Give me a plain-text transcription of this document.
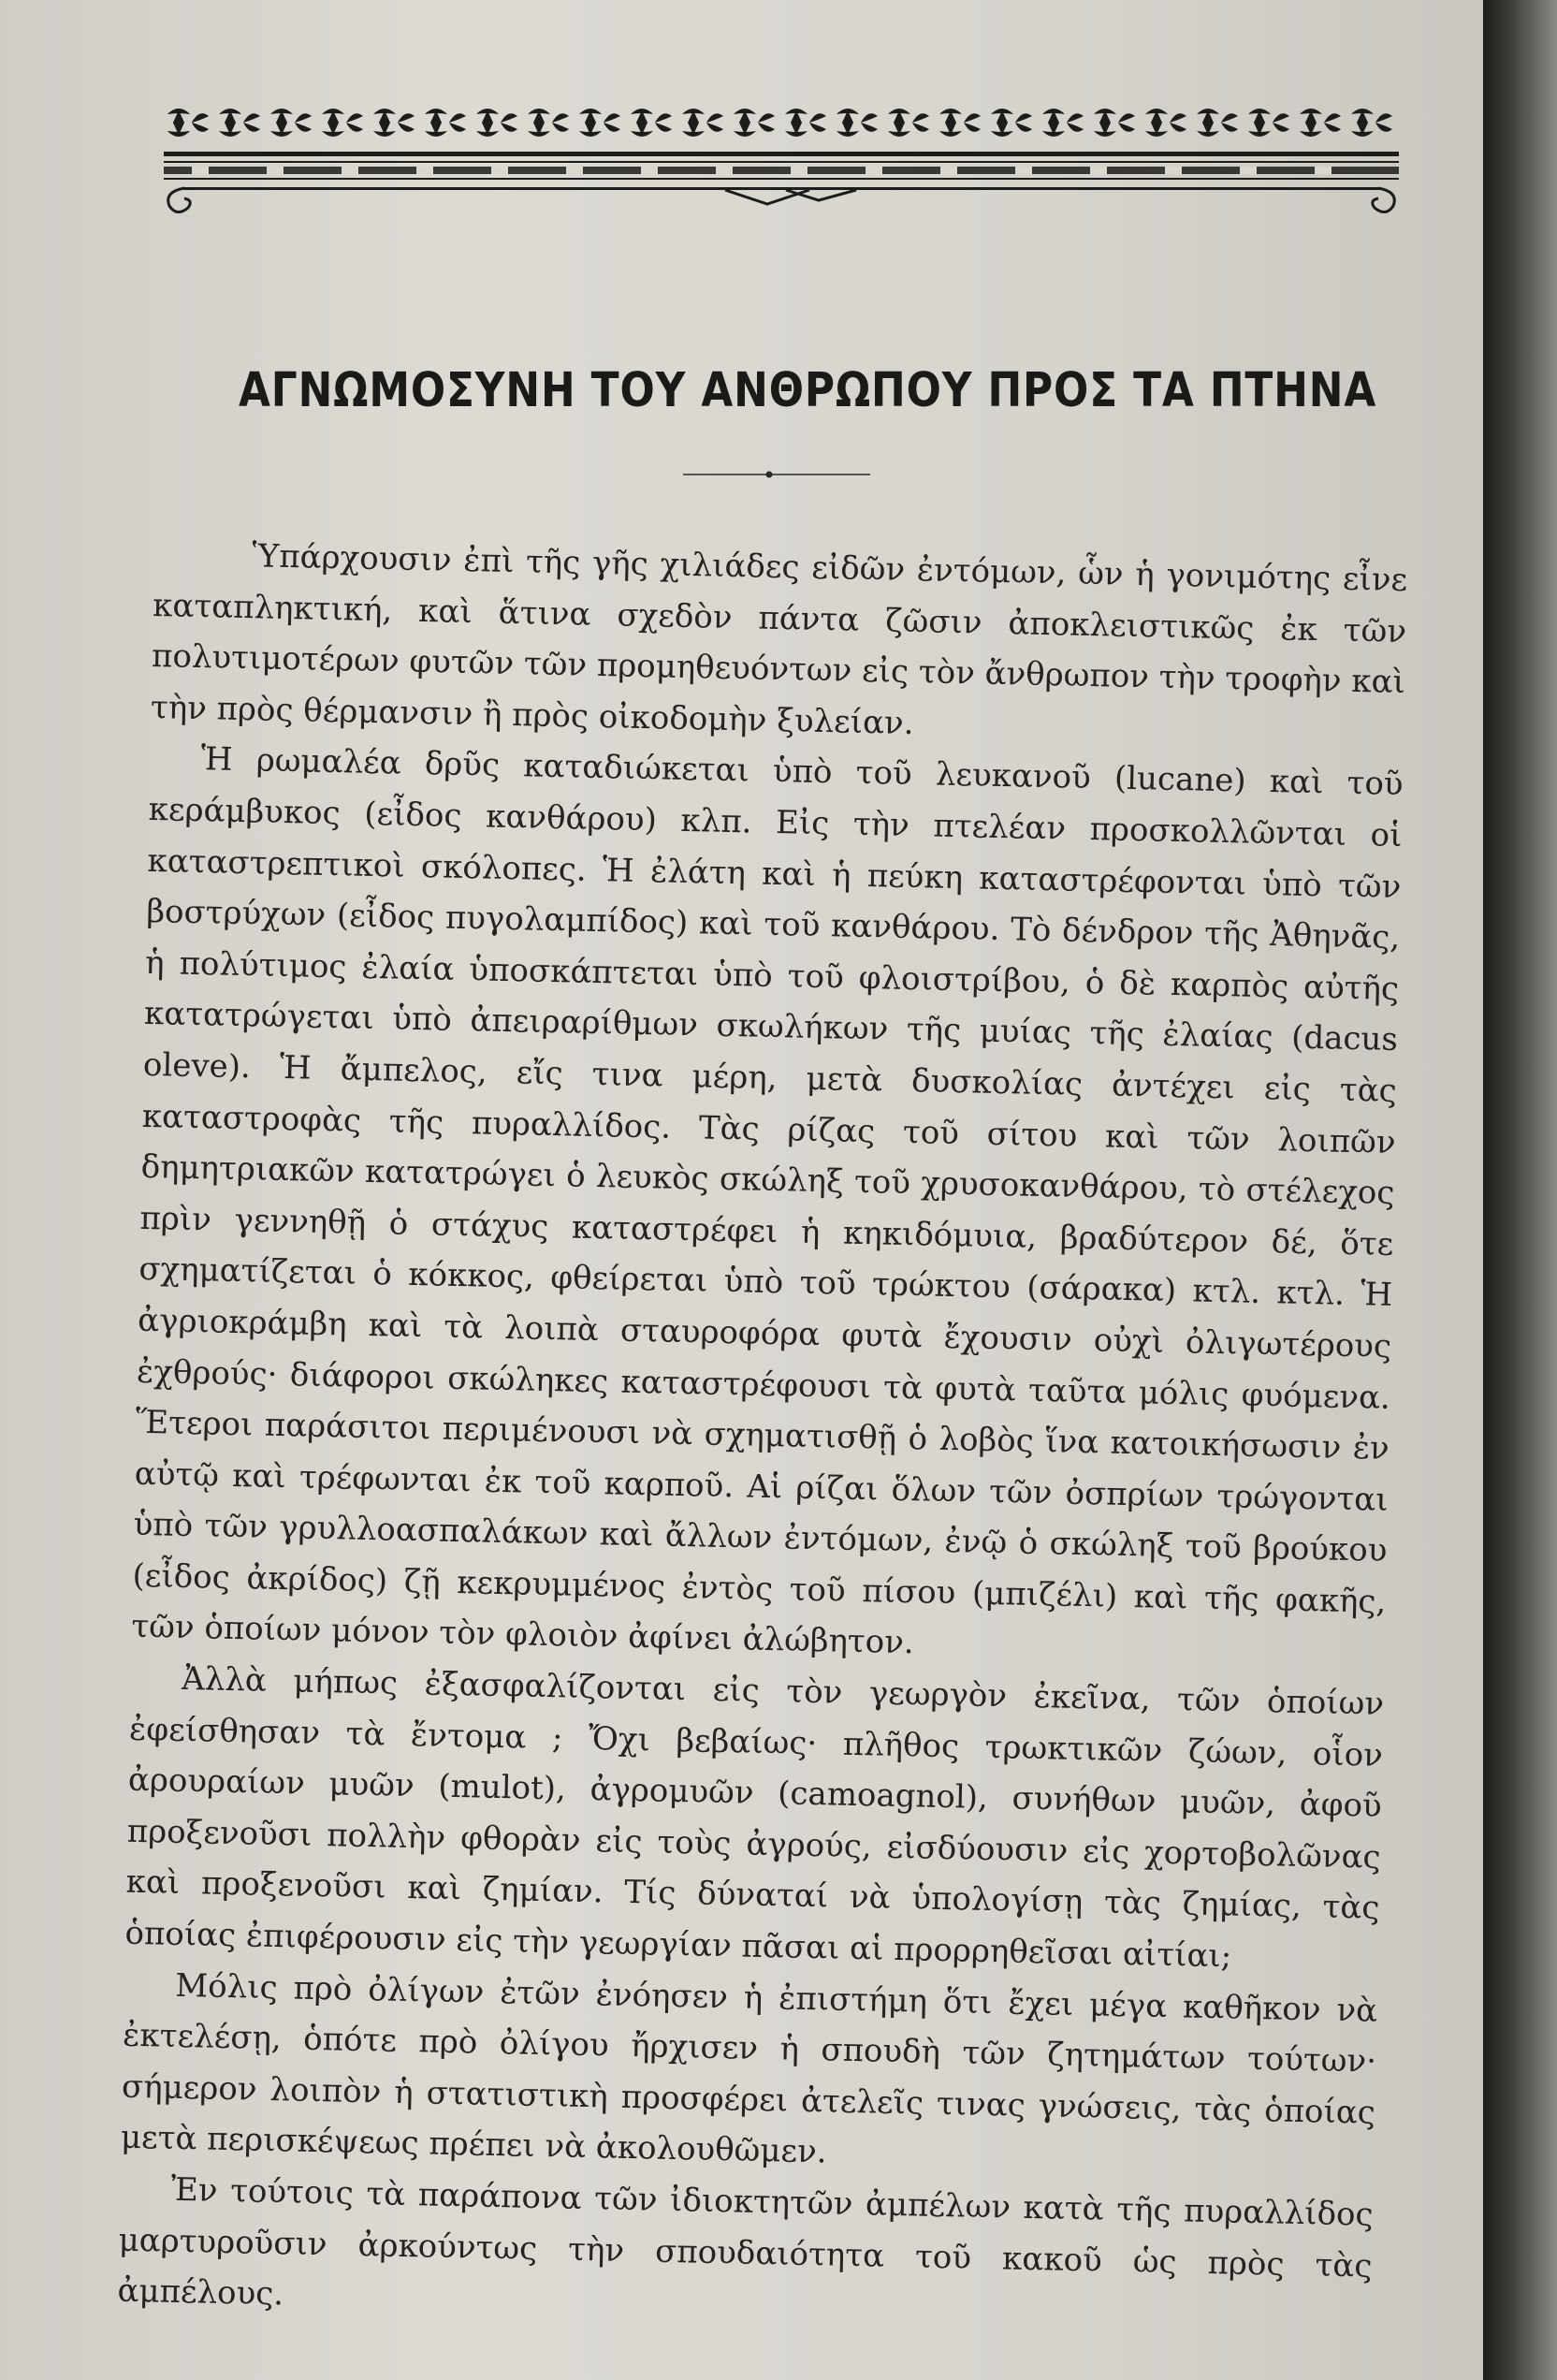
ΑΓΝΩΜΟΣΥΝΗ ΤΟΥ ΑΝΘΡΩΠΟΥ ΠΡΟΣ ΤΑ ΠΤΗΝΑ

Ὑπάρχουσιν ἐπὶ τῆς γῆς χιλιάδες εἰδῶν ἐντόμων, ὧν ἡ γονιμότης εἶνε καταπληκτική, καὶ ἅτινα σχεδὸν πάντα ζῶσιν ἀποκλειστικῶς ἐκ τῶν πολυτιμοτέρων φυτῶν τῶν προμηθευόντων εἰς τὸν ἄνθρωπον τὴν τροφὴν καὶ τὴν πρὸς θέρμανσιν ἢ πρὸς οἰκοδομὴν ξυλείαν.

Ἡ ρωμαλέα δρῦς καταδιώκεται ὑπὸ τοῦ λευκανοῦ (lucane) καὶ τοῦ κεράμβυκος (εἶδος κανθάρου) κλπ. Εἰς τὴν πτελέαν προσκολλῶνται οἱ καταστρεπτικοὶ σκόλοπες. Ἡ ἐλάτη καὶ ἡ πεύκη καταστρέφονται ὑπὸ τῶν βοστρύχων (εἶδος πυγολαμπίδος) καὶ τοῦ κανθάρου. Τὸ δένδρον τῆς Ἀθηνᾶς, ἡ πολύτιμος ἐλαία ὑποσκάπτεται ὑπὸ τοῦ φλοιστρίβου, ὁ δὲ καρπὸς αὐτῆς κατατρώγεται ὑπὸ ἀπειραρίθμων σκωλήκων τῆς μυίας τῆς ἐλαίας (dacus oleve). Ἡ ἄμπελος, εἴς τινα μέρη, μετὰ δυσκολίας ἀντέχει εἰς τὰς καταστροφὰς τῆς πυραλλίδος. Τὰς ρίζας τοῦ σίτου καὶ τῶν λοιπῶν δημητριακῶν κατατρώγει ὁ λευκὸς σκώληξ τοῦ χρυσοκανθάρου, τὸ στέλεχος πρὶν γεννηθῇ ὁ στάχυς καταστρέφει ἡ κηκιδόμυια, βραδύτερον δέ, ὅτε σχηματίζεται ὁ κόκκος, φθείρεται ὑπὸ τοῦ τρώκτου (σάρακα) κτλ. κτλ. Ἡ ἀγριοκράμβη καὶ τὰ λοιπὰ σταυροφόρα φυτὰ ἔχουσιν οὐχὶ ὀλιγωτέρους ἐχθρούς· διάφοροι σκώληκες καταστρέφουσι τὰ φυτὰ ταῦτα μόλις φυόμενα. Ἕτεροι παράσιτοι περιμένουσι νὰ σχηματισθῇ ὁ λοβὸς ἵνα κατοικήσωσιν ἐν αὐτῷ καὶ τρέφωνται ἐκ τοῦ καρποῦ. Αἱ ρίζαι ὅλων τῶν ὀσπρίων τρώγονται ὑπὸ τῶν γρυλλοασπαλάκων καὶ ἄλλων ἐντόμων, ἐνῷ ὁ σκώληξ τοῦ βρούκου (εἶδος ἀκρίδος) ζῇ κεκρυμμένος ἐντὸς τοῦ πίσου (μπιζέλι) καὶ τῆς φακῆς, τῶν ὁποίων μόνον τὸν φλοιὸν ἀφίνει ἀλώβητον.

Ἀλλὰ μήπως ἐξασφαλίζονται εἰς τὸν γεωργὸν ἐκεῖνα, τῶν ὁποίων ἐφείσθησαν τὰ ἔντομα ; Ὄχι βεβαίως· πλῆθος τρωκτικῶν ζώων, οἷον ἀρουραίων μυῶν (mulot), ἀγρομυῶν (camoagnol), συνήθων μυῶν, ἀφοῦ προξενοῦσι πολλὴν φθορὰν εἰς τοὺς ἀγρούς, εἰσδύουσιν εἰς χορτοβολῶνας καὶ προξενοῦσι καὶ ζημίαν. Τίς δύναταί νὰ ὑπολογίσῃ τὰς ζημίας, τὰς ὁποίας ἐπιφέρουσιν εἰς τὴν γεωργίαν πᾶσαι αἱ προρρηθεῖσαι αἰτίαι;

Μόλις πρὸ ὀλίγων ἐτῶν ἐνόησεν ἡ ἐπιστήμη ὅτι ἔχει μέγα καθῆκον νὰ ἐκτελέσῃ, ὁπότε πρὸ ὀλίγου ἤρχισεν ἡ σπουδὴ τῶν ζητημάτων τούτων· σήμερον λοιπὸν ἡ στατιστικὴ προσφέρει ἀτελεῖς τινας γνώσεις, τὰς ὁποίας μετὰ περισκέψεως πρέπει νὰ ἀκολουθῶμεν.

Ἐν τούτοις τὰ παράπονα τῶν ἰδιοκτητῶν ἀμπέλων κατὰ τῆς πυραλλίδος μαρτυροῦσιν ἀρκούντως τὴν σπουδαιότητα τοῦ κακοῦ ὡς πρὸς τὰς ἀμπέλους.
